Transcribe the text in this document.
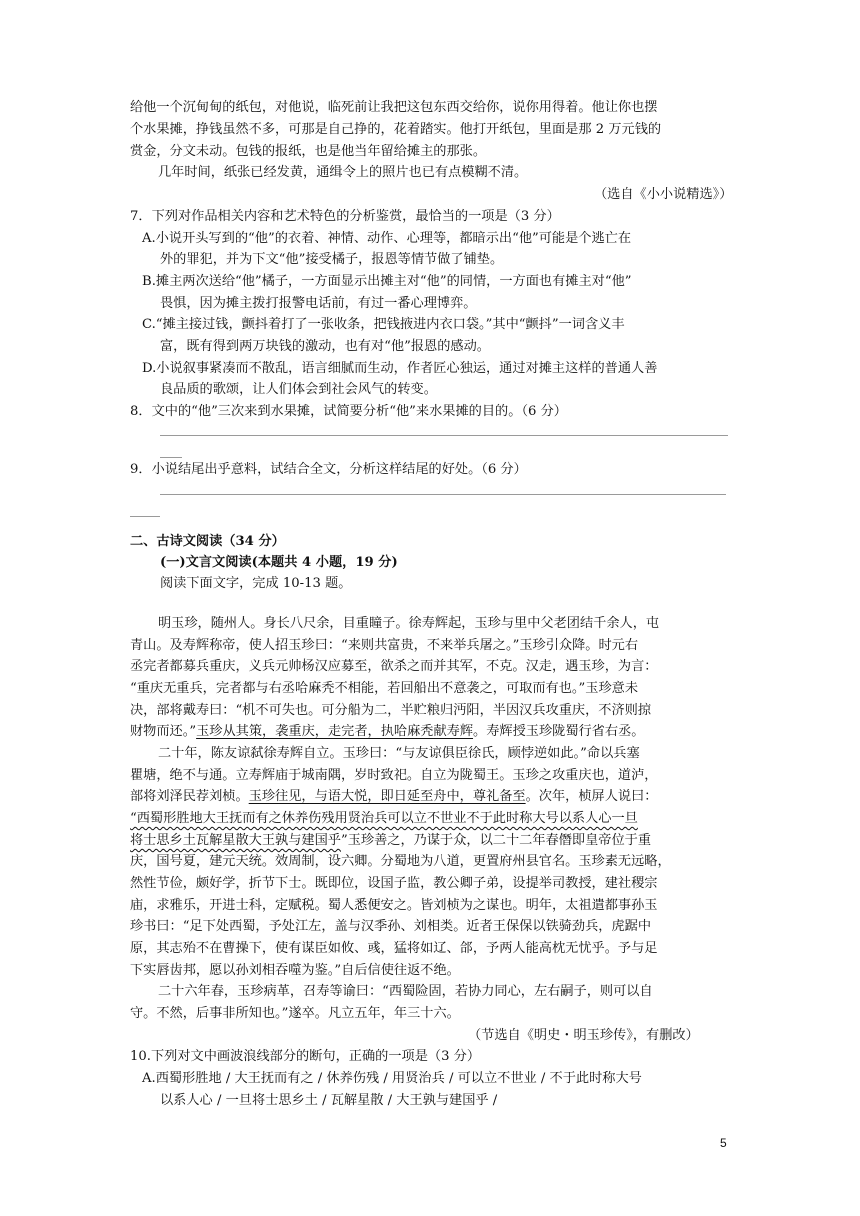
给他一个沉甸甸的纸包，对他说，临死前让我把这包东西交给你，说你用得着。他让你也摆
个水果摊，挣钱虽然不多，可那是自己挣的，花着踏实。他打开纸包，里面是那 2 万元钱的
赏金，分文未动。包钱的报纸，也是他当年留给摊主的那张。
几年时间，纸张已经发黄，通缉令上的照片也已有点模糊不清。
（选自《小小说精选》）
7．下列对作品相关内容和艺术特色的分析鉴赏，最恰当的一项是（3 分）
A.小说开头写到的“他”的衣着、神情、动作、心理等，都暗示出“他”可能是个逃亡在
外的罪犯，并为下文“他”接受橘子，报恩等情节做了铺垫。
B.摊主两次送给“他”橘子，一方面显示出摊主对“他”的同情，一方面也有摊主对“他”
畏惧，因为摊主拨打报警电话前，有过一番心理博弈。
C.“摊主接过钱，颤抖着打了一张收条，把钱掖进内衣口袋。”其中“颤抖”一词含义丰
富，既有得到两万块钱的激动，也有对“他”报恩的感动。
D.小说叙事紧凑而不散乱，语言细腻而生动，作者匠心独运，通过对摊主这样的普通人善
良品质的歌颂，让人们体会到社会风气的转变。
8．文中的“他”三次来到水果摊，试简要分析“他”来水果摊的目的。（6 分）
9．小说结尾出乎意料，试结合全文，分析这样结尾的好处。（6 分）
二、古诗文阅读（34 分）
(一)文言文阅读(本题共 4 小题，19 分)
阅读下面文字，完成 10-13 题。
明玉珍，随州人。身长八尺余，目重瞳子。徐寿辉起，玉珍与里中父老团结千余人，屯
青山。及寿辉称帝，使人招玉珍曰：“来则共富贵，不来举兵屠之。”玉珍引众降。时元右
丞完者都募兵重庆，义兵元帅杨汉应募至，欲杀之而并其军，不克。汉走，遇玉珍，为言：
“重庆无重兵，完者都与右丞哈麻秃不相能，若回船出不意袭之，可取而有也。”玉珍意未
决，部将戴寿曰：“机不可失也。可分船为二，半贮粮归沔阳，半因汉兵攻重庆，不济则掠
财物而还。”玉珍从其策，袭重庆，走完者，执哈麻秃献寿辉。寿辉授玉珍陇蜀行省右丞。
二十年，陈友谅弑徐寿辉自立。玉珍曰：“与友谅俱臣徐氏，顾悖逆如此。”命以兵塞
瞿塘，绝不与通。立寿辉庙于城南隅，岁时致祀。自立为陇蜀王。玉珍之攻重庆也，道泸，
部将刘泽民荐刘桢。玉珍往见，与语大悦，即日延至舟中，尊礼备至。次年，桢屏人说曰：
“西蜀形胜地大王抚而有之休养伤残用贤治兵可以立不世业不于此时称大号以系人心一旦
将士思乡土瓦解星散大王孰与建国乎”玉珍善之，乃谋于众，以二十二年春僭即皇帝位于重
庆，国号夏，建元天统。效周制，设六卿。分蜀地为八道，更置府州县官名。玉珍素无远略，
然性节俭，颇好学，折节下士。既即位，设国子监，教公卿子弟，设提举司教授，建社稷宗
庙，求雅乐，开进士科，定赋税。蜀人悉便安之。皆刘桢为之谋也。明年，太祖遣都事孙玉
珍书曰：“足下处西蜀，予处江左，盖与汉季孙、刘相类。近者王保保以铁骑劲兵，虎踞中
原，其志殆不在曹操下，使有谋臣如攸、彧，猛将如辽、郃，予两人能高枕无忧乎。予与足
下实唇齿邦，愿以孙刘相吞噬为鉴。”自后信使往返不绝。
二十六年春，玉珍病革，召寿等谕曰：“西蜀险固，若协力同心，左右嗣子，则可以自
守。不然，后事非所知也。”遂卒。凡立五年，年三十六。
（节选自《明史・明玉珍传》，有删改）
10.下列对文中画波浪线部分的断句，正确的一项是（3 分）
A.西蜀形胜地 / 大王抚而有之 / 休养伤残 / 用贤治兵 / 可以立不世业 / 不于此时称大号
以系人心 / 一旦将士思乡土 / 瓦解星散 / 大王孰与建国乎 /
5
